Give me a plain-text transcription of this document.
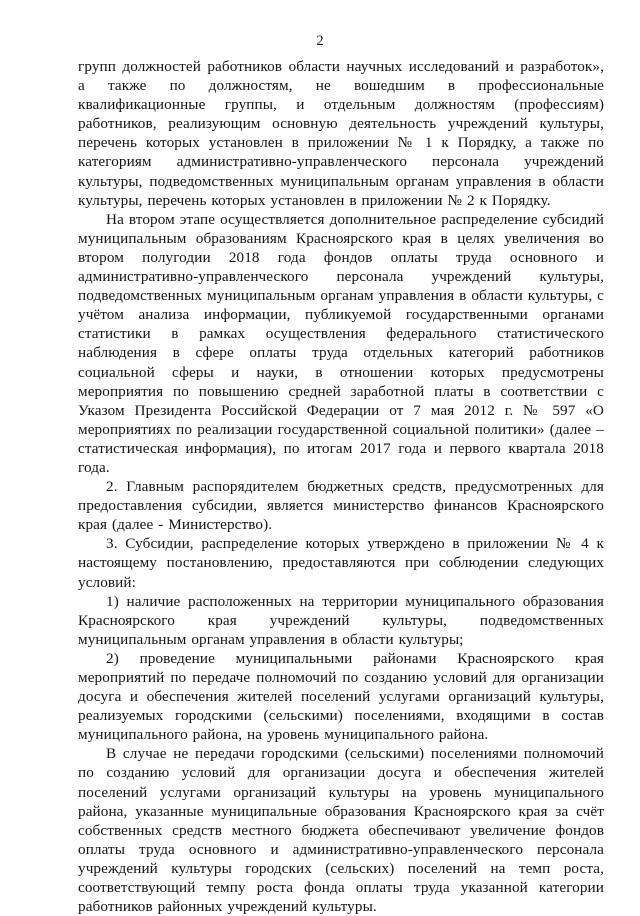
2

групп должностей работников области научных исследований и разработок», а также по должностям, не вошедшим в профессиональные квалификационные группы, и отдельным должностям (профессиям) работников, реализующим основную деятельность учреждений культуры, перечень которых установлен в приложении № 1 к Порядку, а также по категориям административно-управленческого персонала учреждений культуры, подведомственных муниципальным органам управления в области культуры, перечень которых установлен в приложении № 2 к Порядку.

На втором этапе осуществляется дополнительное распределение субсидий муниципальным образованиям Красноярского края в целях увеличения во втором полугодии 2018 года фондов оплаты труда основного и административно-управленческого персонала учреждений культуры, подведомственных муниципальным органам управления в области культуры, с учётом анализа информации, публикуемой государственными органами статистики в рамках осуществления федерального статистического наблюдения в сфере оплаты труда отдельных категорий работников социальной сферы и науки, в отношении которых предусмотрены мероприятия по повышению средней заработной платы в соответствии с Указом Президента Российской Федерации от 7 мая 2012 г. № 597 «О мероприятиях по реализации государственной социальной политики» (далее – статистическая информация), по итогам 2017 года и первого квартала 2018 года.

2. Главным распорядителем бюджетных средств, предусмотренных для предоставления субсидии, является министерство финансов Красноярского края (далее - Министерство).

3. Субсидии, распределение которых утверждено в приложении № 4 к настоящему постановлению, предоставляются при соблюдении следующих условий:

1) наличие расположенных на территории муниципального образования Красноярского края учреждений культуры, подведомственных муниципальным органам управления в области культуры;

2) проведение муниципальными районами Красноярского края мероприятий по передаче полномочий по созданию условий для организации досуга и обеспечения жителей поселений услугами организаций культуры, реализуемых городскими (сельскими) поселениями, входящими в состав муниципального района, на уровень муниципального района.

В случае не передачи городскими (сельскими) поселениями полномочий по созданию условий для организации досуга и обеспечения жителей поселений услугами организаций культуры на уровень муниципального района, указанные муниципальные образования Красноярского края за счёт собственных средств местного бюджета обеспечивают увеличение фондов оплаты труда основного и административно-управленческого персонала учреждений культуры городских (сельских) поселений на темп роста, соответствующий темпу роста фонда оплаты труда указанной категории работников районных учреждений культуры.
